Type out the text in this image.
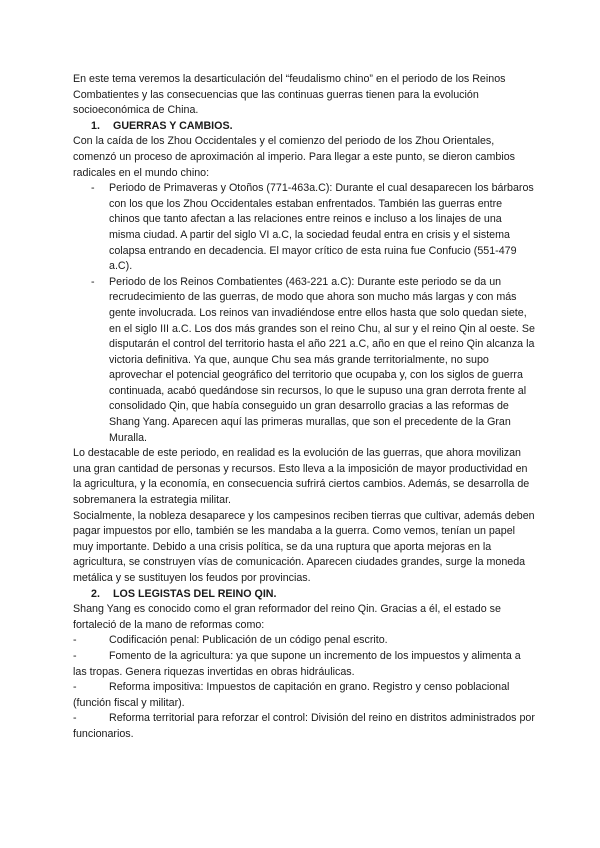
En este tema veremos la desarticulación del “feudalismo chino” en el periodo de los Reinos Combatientes y las consecuencias que las continuas guerras tienen para la evolución socioeconómica de China.

1. GUERRAS Y CAMBIOS.

Con la caída de los Zhou Occidentales y el comienzo del periodo de los Zhou Orientales, comenzó un proceso de aproximación al imperio. Para llegar a este punto, se dieron cambios radicales en el mundo chino:

- Periodo de Primaveras y Otoños (771-463a.C): Durante el cual desaparecen los bárbaros con los que los Zhou Occidentales estaban enfrentados. También las guerras entre chinos que tanto afectan a las relaciones entre reinos e incluso a los linajes de una misma ciudad. A partir del siglo VI a.C, la sociedad feudal entra en crisis y el sistema colapsa entrando en decadencia. El mayor crítico de esta ruina fue Confucio (551-479 a.C).
- Periodo de los Reinos Combatientes (463-221 a.C): Durante este periodo se da un recrudecimiento de las guerras, de modo que ahora son mucho más largas y con más gente involucrada. Los reinos van invadiéndose entre ellos hasta que solo quedan siete, en el siglo III a.C. Los dos más grandes son el reino Chu, al sur y el reino Qin al oeste. Se disputarán el control del territorio hasta el año 221 a.C, año en que el reino Qin alcanza la victoria definitiva. Ya que, aunque Chu sea más grande territorialmente, no supo aprovechar el potencial geográfico del territorio que ocupaba y, con los siglos de guerra continuada, acabó quedándose sin recursos, lo que le supuso una gran derrota frente al consolidado Qin, que había conseguido un gran desarrollo gracias a las reformas de Shang Yang. Aparecen aquí las primeras murallas, que son el precedente de la Gran Muralla.

Lo destacable de este periodo, en realidad es la evolución de las guerras, que ahora movilizan una gran cantidad de personas y recursos. Esto lleva a la imposición de mayor productividad en la agricultura, y la economía, en consecuencia sufrirá ciertos cambios. Además, se desarrolla de sobremanera la estrategia militar.

Socialmente, la nobleza desaparece y los campesinos reciben tierras que cultivar, además deben pagar impuestos por ello, también se les mandaba a la guerra. Como vemos, tenían un papel muy importante. Debido a una crisis política, se da una ruptura que aporta mejoras en la agricultura, se construyen vías de comunicación. Aparecen ciudades grandes, surge la moneda metálica y se sustituyen los feudos por provincias.

2. LOS LEGISTAS DEL REINO QIN.

Shang Yang es conocido como el gran reformador del reino Qin. Gracias a él, el estado se fortaleció de la mano de reformas como:

-	Codificación penal: Publicación de un código penal escrito.
-	Fomento de la agricultura: ya que supone un incremento de los impuestos y alimenta a las tropas. Genera riquezas invertidas en obras hidráulicas.
-	Reforma impositiva: Impuestos de capitación en grano. Registro y censo poblacional (función fiscal y militar).
-	Reforma territorial para reforzar el control: División del reino en distritos administrados por funcionarios.
